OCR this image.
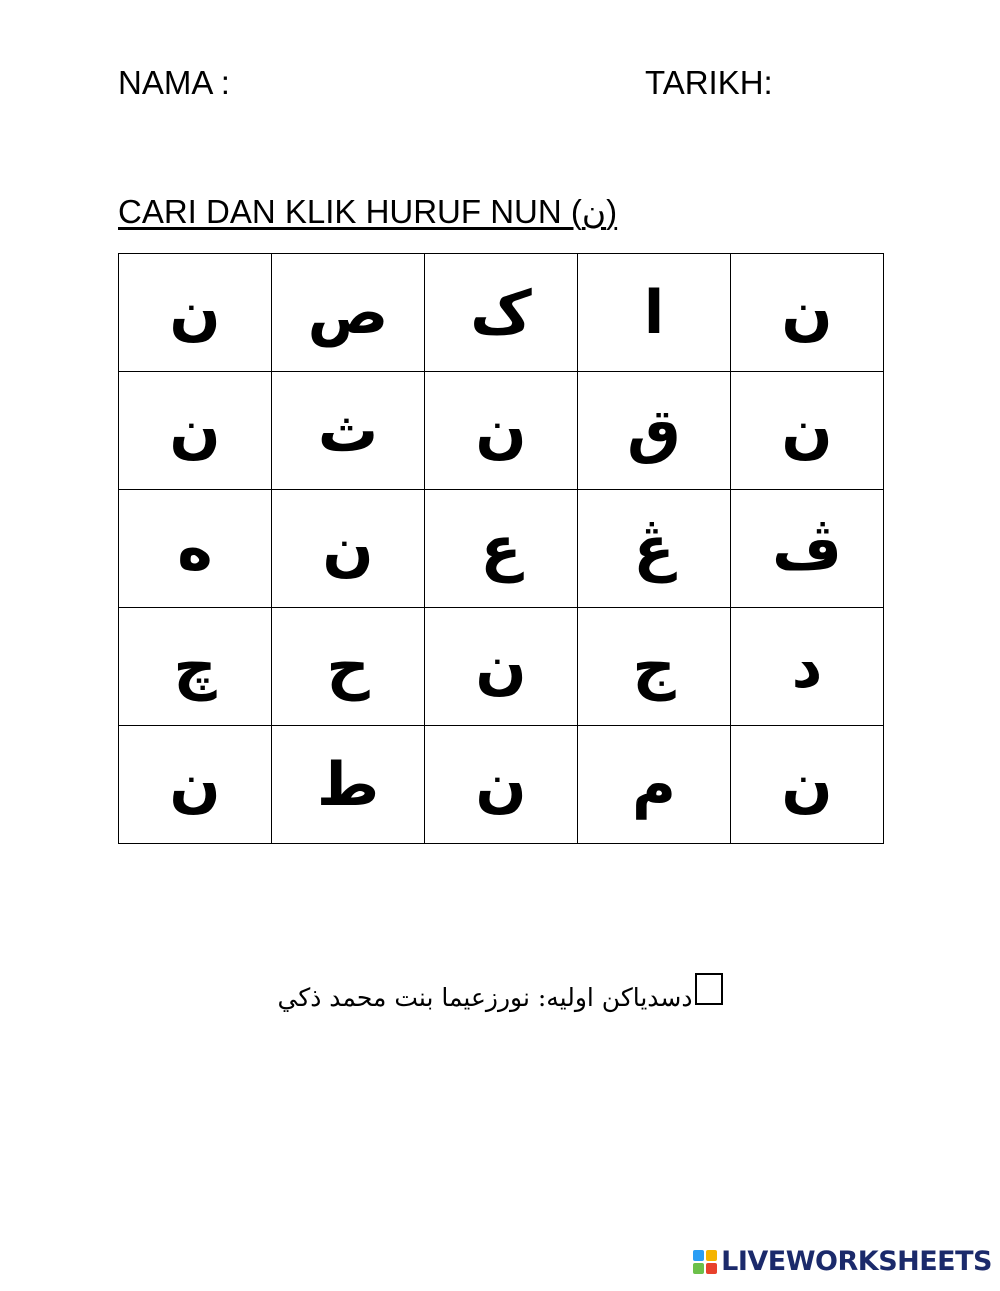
NAMA :	TARIKH:
CARI DAN KLIK HURUF NUN (ن)
ن	ا	ک	ص	ن
ن	ق	ن	ث	ن
ڤ	ڠ	ع	ن	ه
د	ج	ن	ح	چ
ن	م	ن	ط	ن
دسدياکن اوليه: نورزعيما بنت محمد ذکي
LIVEWORKSHEETS
